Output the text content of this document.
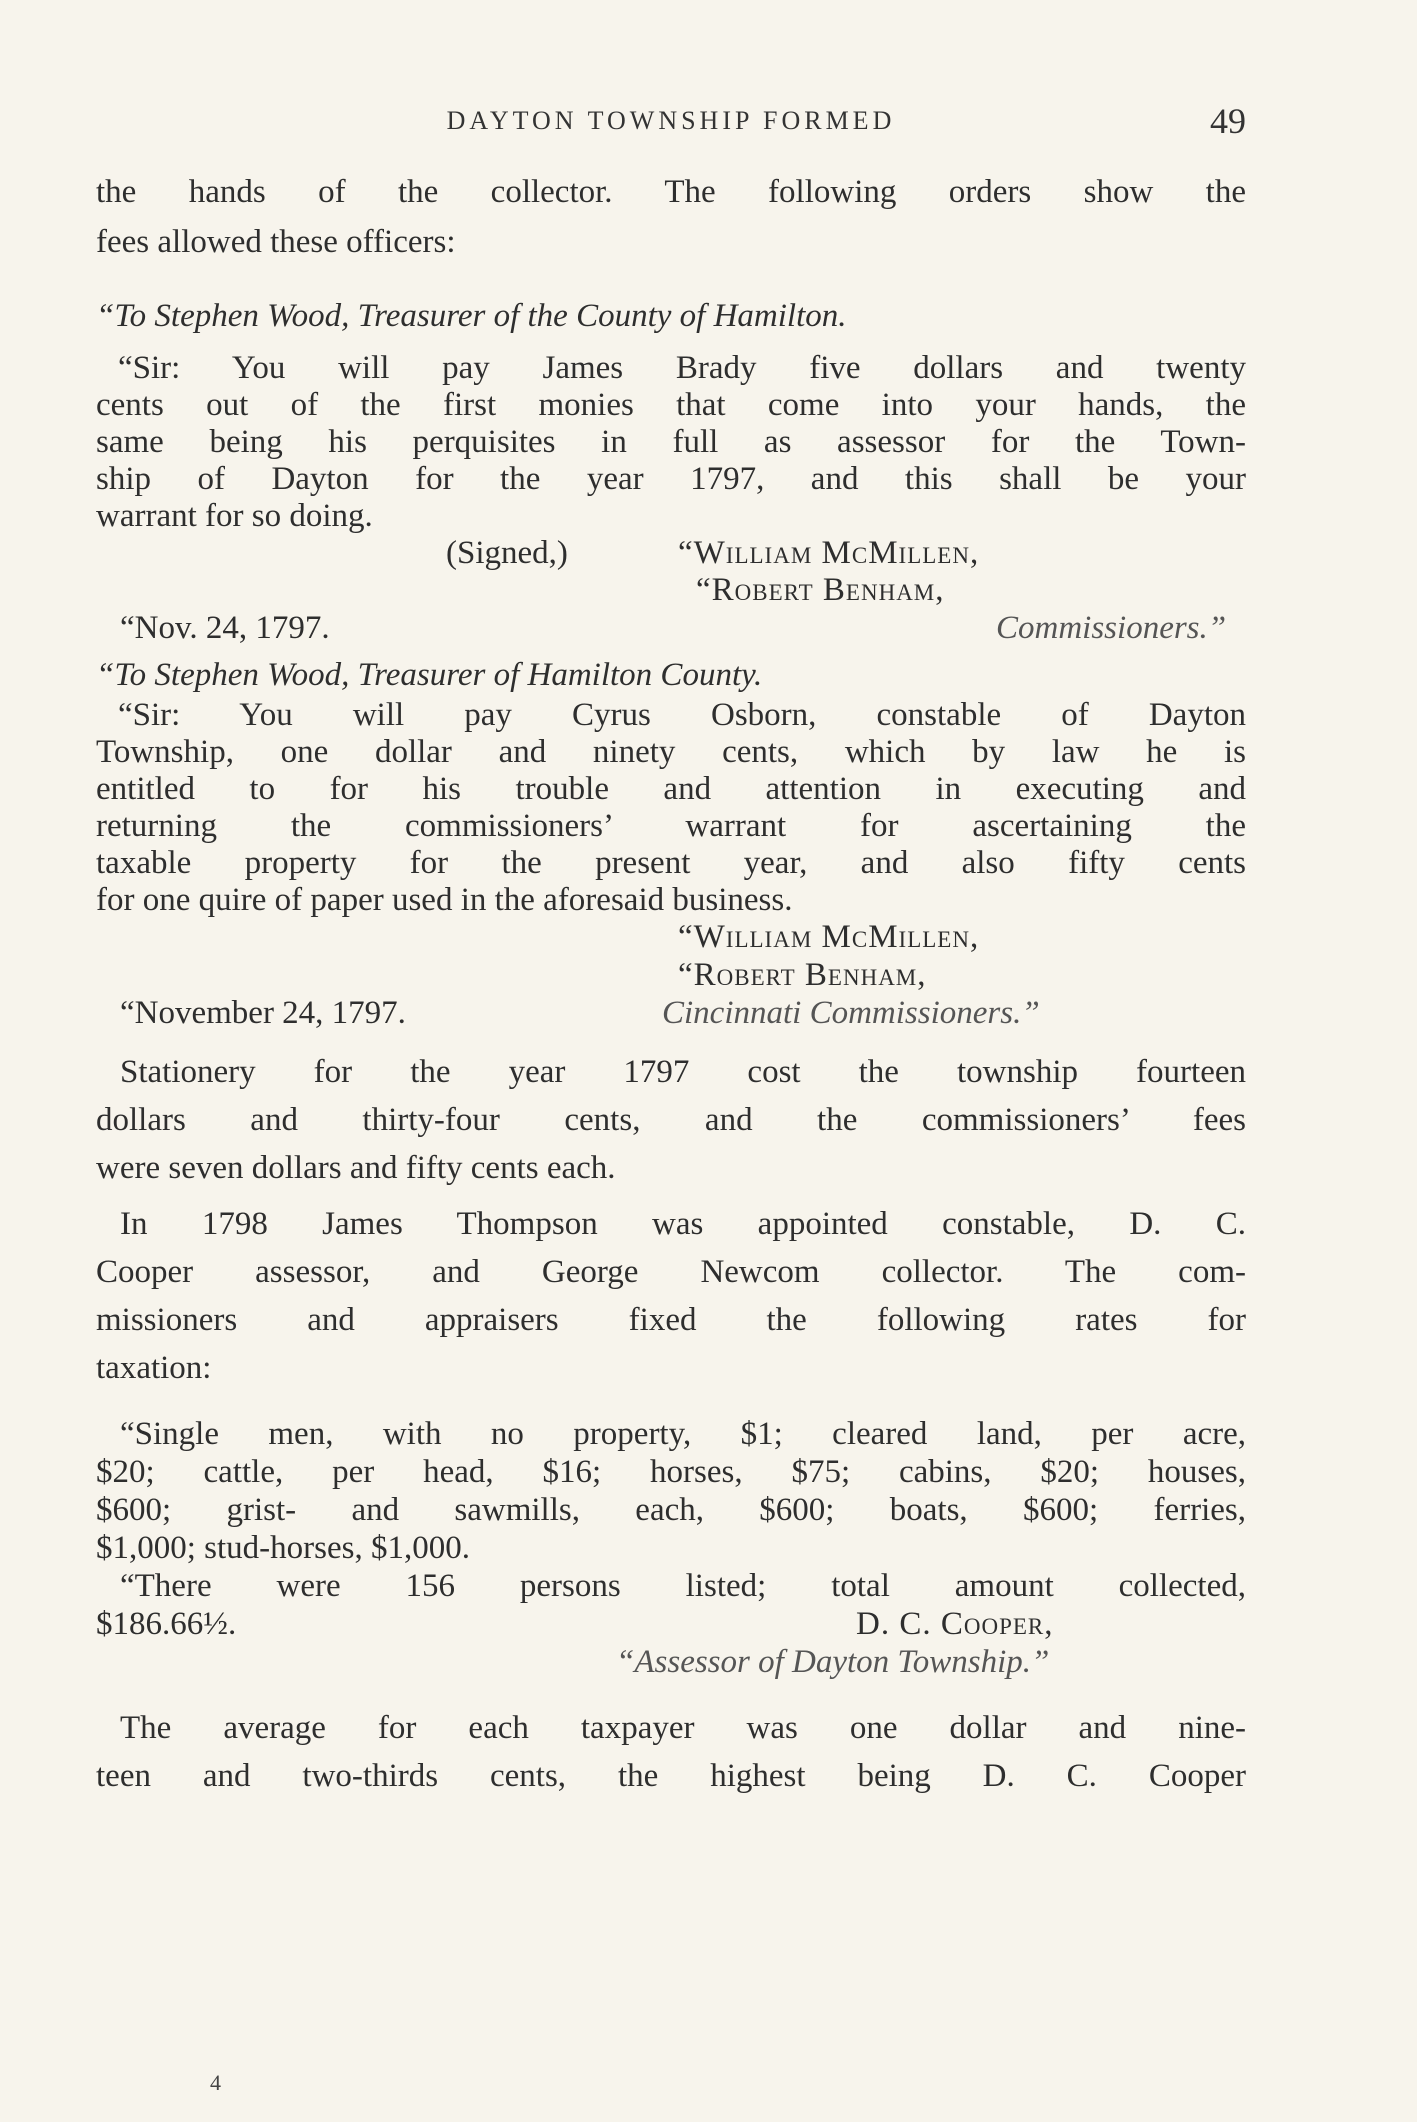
DAYTON TOWNSHIP FORMED	49
the hands of the collector. The following orders show the
fees allowed these officers:
“To Stephen Wood, Treasurer of the County of Hamilton.
“Sir: You will pay James Brady five dollars and twenty
cents out of the first monies that come into your hands, the
same being his perquisites in full as assessor for the Town-
ship of Dayton for the year 1797, and this shall be your
warrant for so doing.
(Signed,)	“William McMillen,
“Robert Benham,
“Nov. 24, 1797.	Commissioners.”
“To Stephen Wood, Treasurer of Hamilton County.
“Sir: You will pay Cyrus Osborn, constable of Dayton
Township, one dollar and ninety cents, which by law he is
entitled to for his trouble and attention in executing and
returning the commissioners’ warrant for ascertaining the
taxable property for the present year, and also fifty cents
for one quire of paper used in the aforesaid business.
“William McMillen,
“Robert Benham,
“November 24, 1797.	Cincinnati Commissioners.”
Stationery for the year 1797 cost the township fourteen
dollars and thirty-four cents, and the commissioners’ fees
were seven dollars and fifty cents each.
In 1798 James Thompson was appointed constable, D. C.
Cooper assessor, and George Newcom collector. The com-
missioners and appraisers fixed the following rates for
taxation:
“Single men, with no property, $1; cleared land, per acre,
$20; cattle, per head, $16; horses, $75; cabins, $20; houses,
$600; grist- and sawmills, each, $600; boats, $600; ferries,
$1,000; stud-horses, $1,000.
“There were 156 persons listed; total amount collected,
$186.66½.	D. C. Cooper,
“Assessor of Dayton Township.”
The average for each taxpayer was one dollar and nine-
teen and two-thirds cents, the highest being D. C. Cooper
4
